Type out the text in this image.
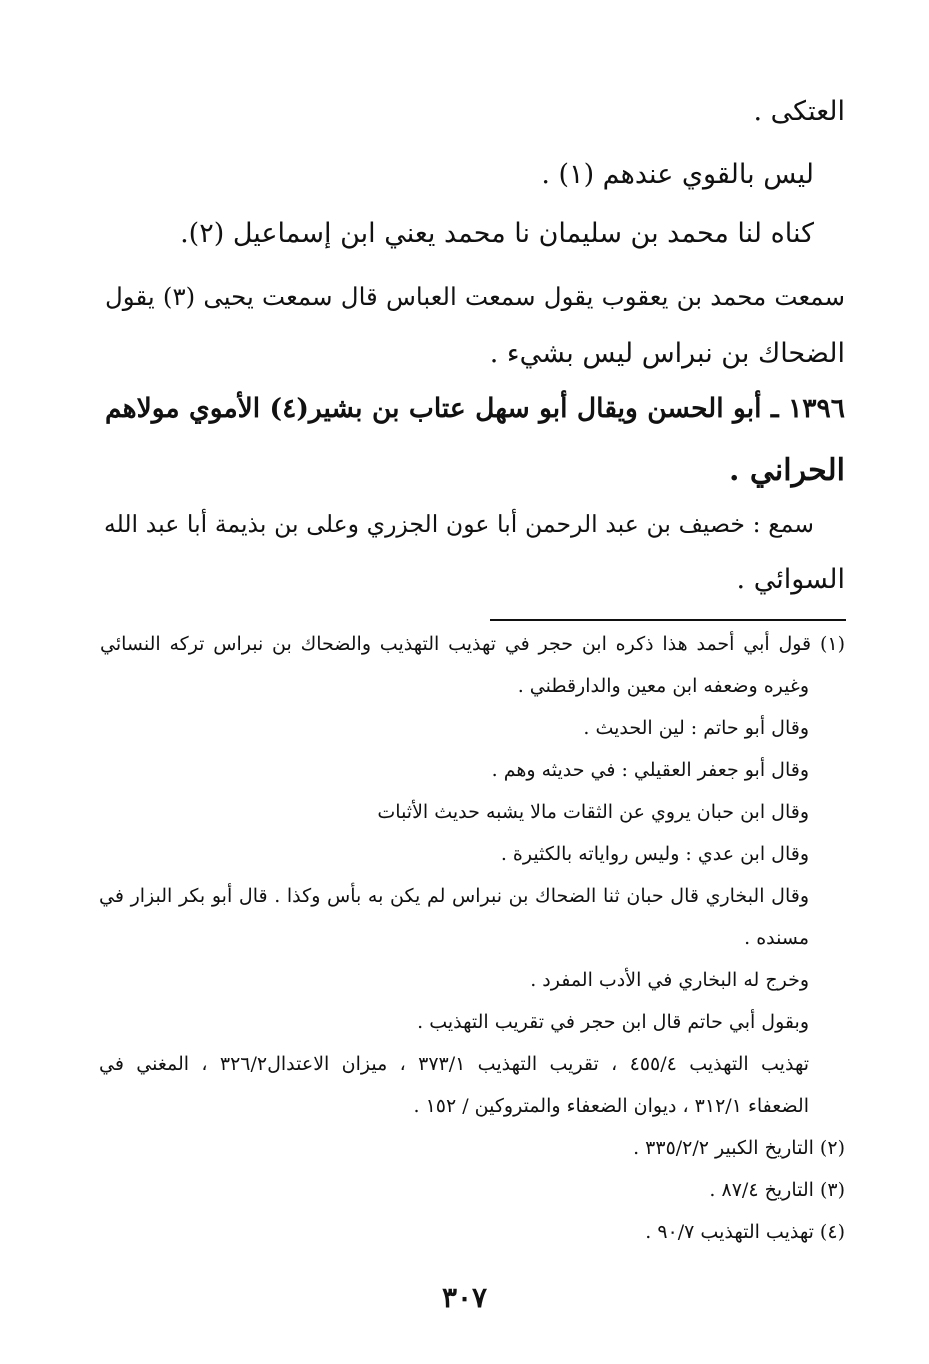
العتكى .
ليس بالقوي عندهم (١) .
كناه لنا محمد بن سليمان نا محمد يعني ابن إسماعيل (٢).
سمعت محمد بن يعقوب يقول سمعت العباس قال سمعت يحيى (٣) يقول
الضحاك بن نبراس ليس بشيء .
١٣٩٦ ـ أبو الحسن ويقال أبو سهل عتاب بن بشير(٤) الأموي مولاهم
الحراني .
سمع : خصيف بن عبد الرحمن أبا عون الجزري وعلى بن بذيمة أبا عبد الله
السوائي .
(١) قول أبي أحمد هذا ذكره ابن حجر في تهذيب التهذيب والضحاك بن نبراس تركه النسائي
وغيره وضعفه ابن معين والدارقطني .
وقال أبو حاتم : لين الحديث .
وقال أبو جعفر العقيلي : في حديثه وهم .
وقال ابن حبان يروي عن الثقات مالا يشبه حديث الأثبات
وقال ابن عدي : وليس رواياته بالكثيرة .
وقال البخاري قال حبان ثنا الضحاك بن نبراس لم يكن به بأس وكذا . قال أبو بكر البزار في
مسنده .
وخرج له البخاري في الأدب المفرد .
وبقول أبي حاتم قال ابن حجر في تقريب التهذيب .
تهذيب التهذيب ٤٥٥/٤ ، تقريب التهذيب ٣٧٣/١ ، ميزان الاعتدال٣٢٦/٢ ، المغني في
الضعفاء ٣١٢/١ ، ديوان الضعفاء والمتروكين / ١٥٢ .
(٢) التاريخ الكبير ٣٣٥/٢/٢ .
(٣) التاريخ ٨٧/٤ .
(٤) تهذيب التهذيب ٩٠/٧ .
٣٠٧
